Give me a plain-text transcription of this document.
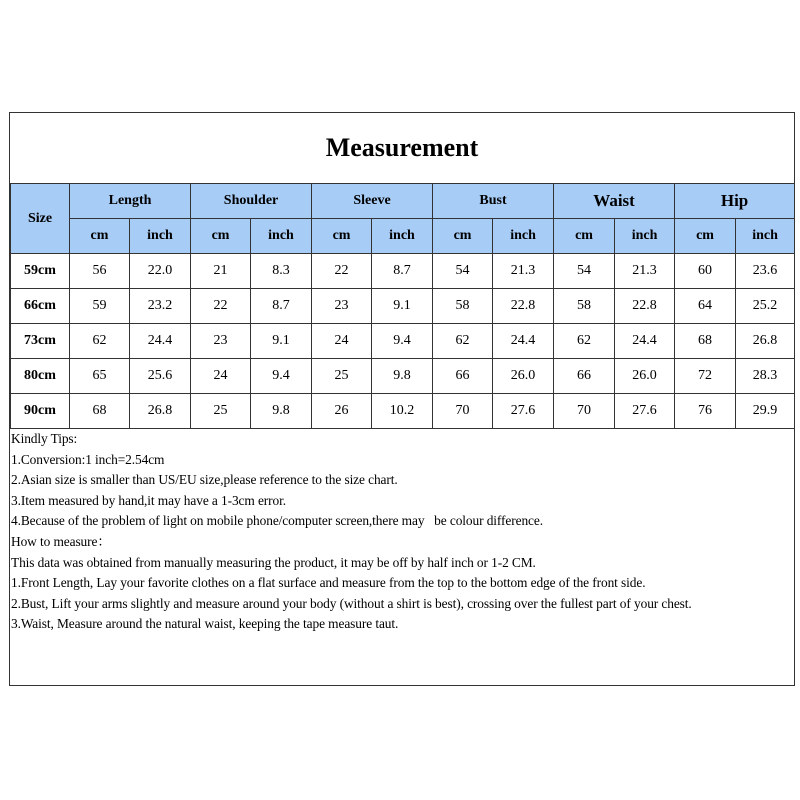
Measurement
Size	Length		Shoulder		Sleeve		Bust		Waist		Hip	
	cm	inch	cm	inch	cm	inch	cm	inch	cm	inch	cm	inch
59cm	56	22.0	21	8.3	22	8.7	54	21.3	54	21.3	60	23.6
66cm	59	23.2	22	8.7	23	9.1	58	22.8	58	22.8	64	25.2
73cm	62	24.4	23	9.1	24	9.4	62	24.4	62	24.4	68	26.8
80cm	65	25.6	24	9.4	25	9.8	66	26.0	66	26.0	72	28.3
90cm	68	26.8	25	9.8	26	10.2	70	27.6	70	27.6	76	29.9
Kindly Tips:
1.Conversion:1 inch=2.54cm
2.Asian size is smaller than US/EU size,please reference to the size chart.
3.Item measured by hand,it may have a 1-3cm error.
4.Because of the problem of light on mobile phone/computer screen,there may   be colour difference.
How to measure：
This data was obtained from manually measuring the product, it may be off by half inch or 1-2 CM.
1.Front Length, Lay your favorite clothes on a flat surface and measure from the top to the bottom edge of the front side.
2.Bust, Lift your arms slightly and measure around your body (without a shirt is best), crossing over the fullest part of your chest.
3.Waist, Measure around the natural waist, keeping the tape measure taut.
